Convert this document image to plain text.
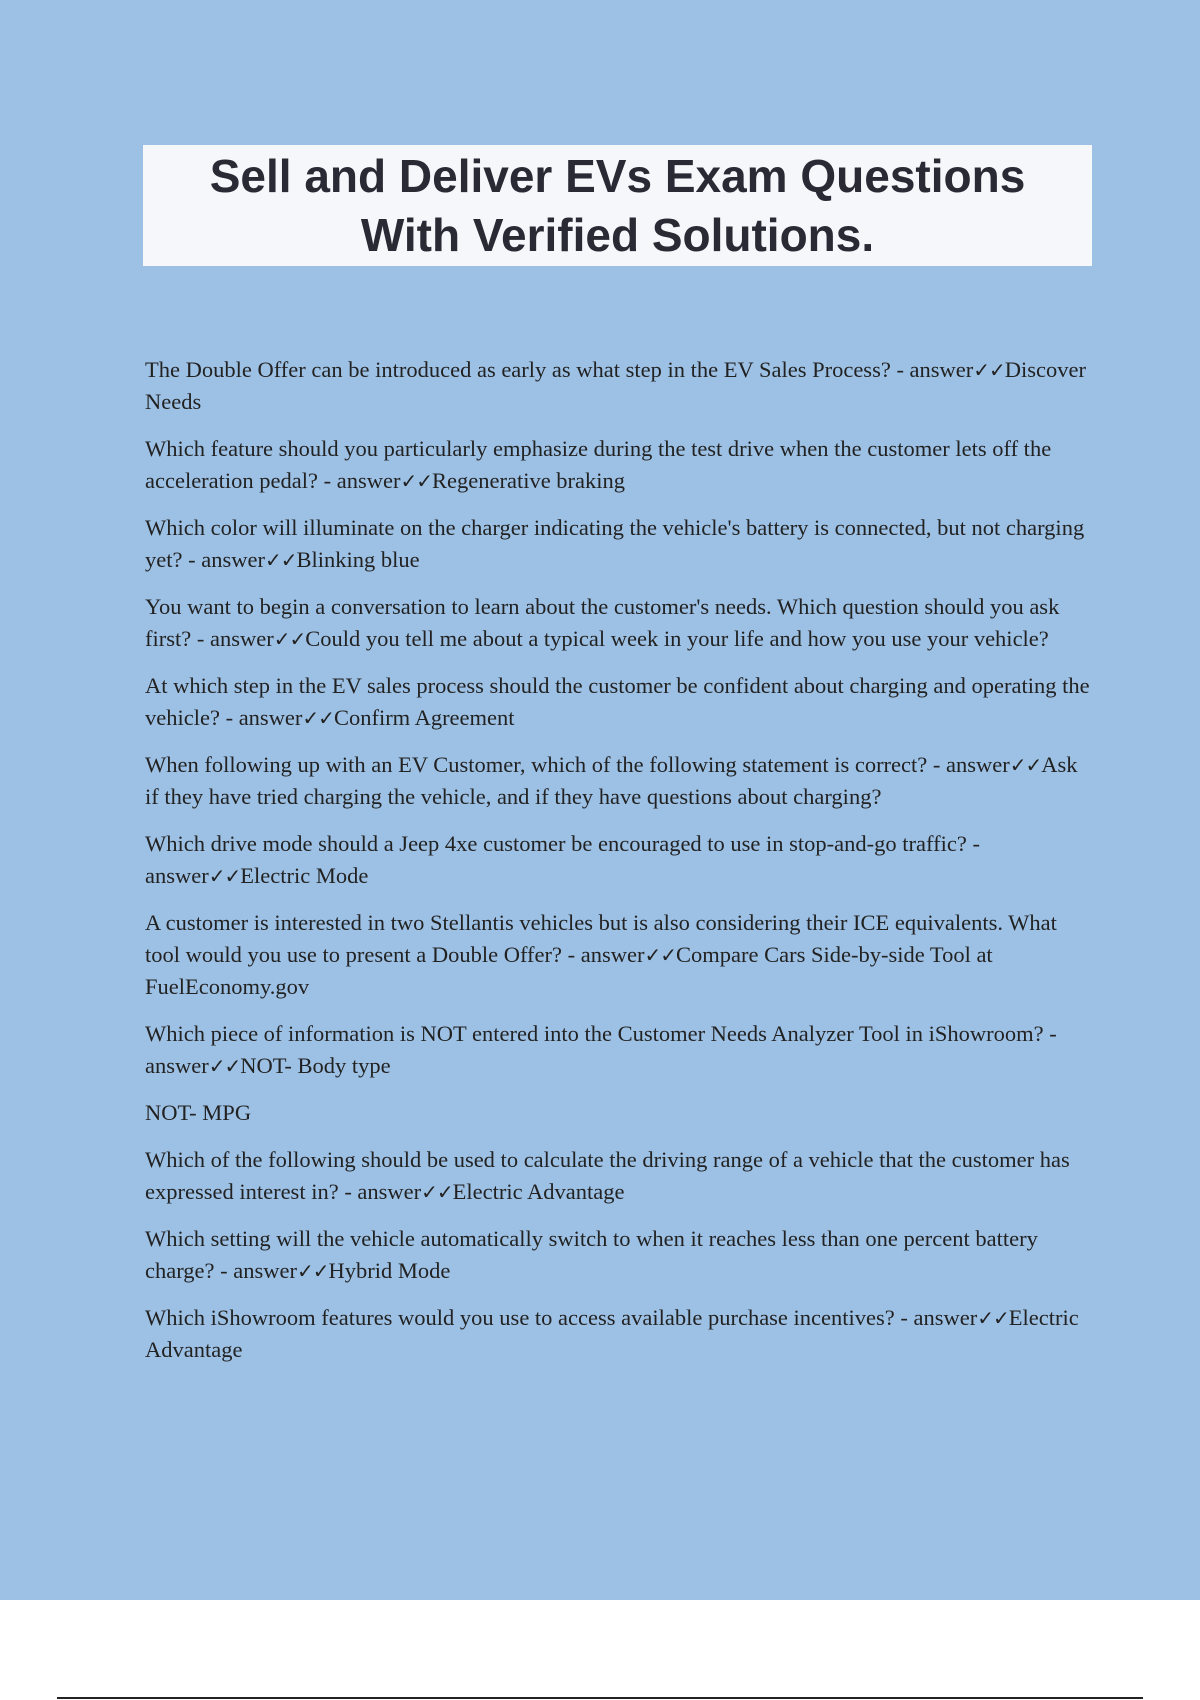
Sell and Deliver EVs Exam Questions
With Verified Solutions.
The Double Offer can be introduced as early as what step in the EV Sales Process? - answer✓✓Discover Needs
Which feature should you particularly emphasize during the test drive when the customer lets off the acceleration pedal? - answer✓✓Regenerative braking
Which color will illuminate on the charger indicating the vehicle's battery is connected, but not charging yet? - answer✓✓Blinking blue
You want to begin a conversation to learn about the customer's needs. Which question should you ask first? - answer✓✓Could you tell me about a typical week in your life and how you use your vehicle?
At which step in the EV sales process should the customer be confident about charging and operating the vehicle? - answer✓✓Confirm Agreement
When following up with an EV Customer, which of the following statement is correct? - answer✓✓Ask if they have tried charging the vehicle, and if they have questions about charging?
Which drive mode should a Jeep 4xe customer be encouraged to use in stop-and-go traffic? - answer✓✓Electric Mode
A customer is interested in two Stellantis vehicles but is also considering their ICE equivalents. What tool would you use to present a Double Offer? - answer✓✓Compare Cars Side-by-side Tool at FuelEconomy.gov
Which piece of information is NOT entered into the Customer Needs Analyzer Tool in iShowroom? - answer✓✓NOT- Body type
NOT- MPG
Which of the following should be used to calculate the driving range of a vehicle that the customer has expressed interest in? - answer✓✓Electric Advantage
Which setting will the vehicle automatically switch to when it reaches less than one percent battery charge? - answer✓✓Hybrid Mode
Which iShowroom features would you use to access available purchase incentives? - answer✓✓Electric Advantage
